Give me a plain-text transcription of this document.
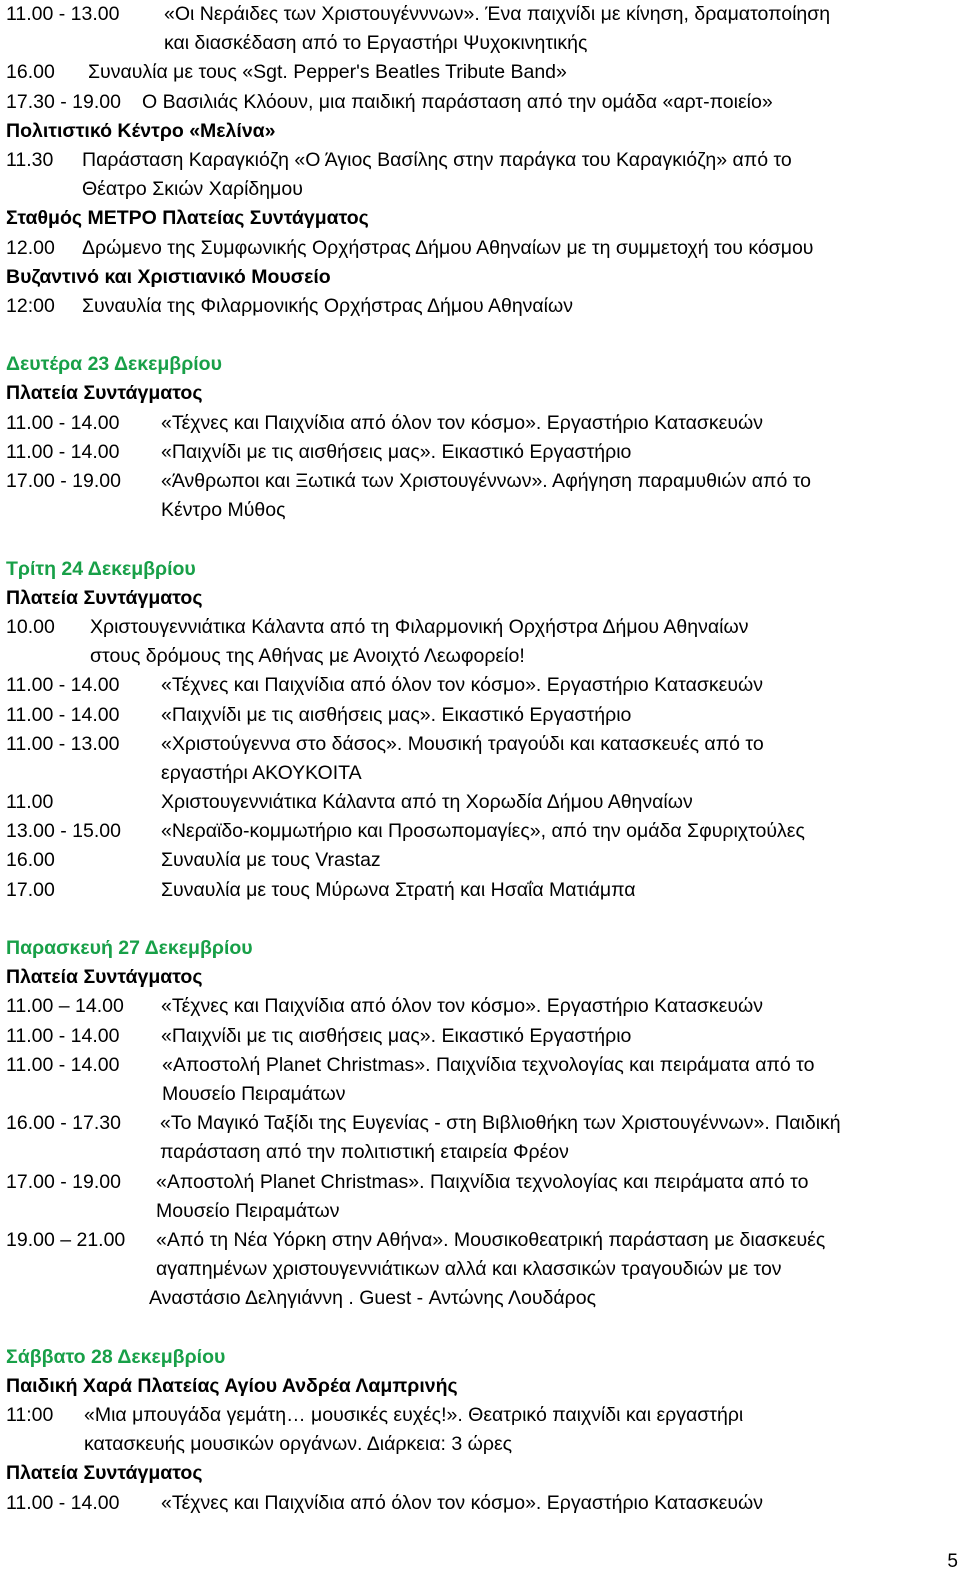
11.00 - 13.00 «Οι Νεράιδες των Χριστουγένννων». Ένα παιχνίδι με κίνηση, δραματοποίηση
και διασκέδαση από το Εργαστήρι Ψυχοκινητικής
16.00 Συναυλία με τους «Sgt. Pepper's Beatles Tribute Band»
17.30 - 19.00 Ο Βασιλιάς Κλόουν, μια παιδική παράσταση από την ομάδα «αρτ-ποιείο»
Πολιτιστικό Κέντρο «Μελίνα»
11.30 Παράσταση Καραγκιόζη «Ο Άγιος Βασίλης στην παράγκα του Καραγκιόζη» από το
Θέατρο Σκιών Χαρίδημου
Σταθμός ΜΕΤΡΟ Πλατείας Συντάγματος
12.00 Δρώμενο της Συμφωνικής Ορχήστρας Δήμου Αθηναίων με τη συμμετοχή του κόσμου
Βυζαντινό και Χριστιανικό Μουσείο
12:00 Συναυλία της Φιλαρμονικής Ορχήστρας Δήμου Αθηναίων
Δευτέρα 23 Δεκεμβρίου
Πλατεία Συντάγματος
11.00 - 14.00 «Τέχνες και Παιχνίδια από όλον τον κόσμο». Εργαστήριο Κατασκευών
11.00 - 14.00 «Παιχνίδι με τις αισθήσεις μας». Εικαστικό Εργαστήριο
17.00 - 19.00 «Άνθρωποι και Ξωτικά των Χριστουγέννων». Αφήγηση παραμυθιών από το
Κέντρο Μύθος
Τρίτη 24 Δεκεμβρίου
Πλατεία Συντάγματος
10.00 Χριστουγεννιάτικα Κάλαντα από τη Φιλαρμονική Ορχήστρα Δήμου Αθηναίων
στους δρόμους της Αθήνας με Ανοιχτό Λεωφορείο!
11.00 - 14.00 «Τέχνες και Παιχνίδια από όλον τον κόσμο». Εργαστήριο Κατασκευών
11.00 - 14.00 «Παιχνίδι με τις αισθήσεις μας». Εικαστικό Εργαστήριο
11.00 - 13.00 «Χριστούγεννα στο δάσος». Μουσική τραγούδι και κατασκευές από το
εργαστήρι ΑΚΟΥΚΟΙΤΑ
11.00	Χριστουγεννιάτικα Κάλαντα από τη Χορωδία Δήμου Αθηναίων
13.00 - 15.00 «Νεραϊδο-κομμωτήριο και Προσωπομαγίες», από την ομάδα Σφυριχτούλες
16.00	Συναυλία με τους Vrastaz
17.00	Συναυλία με τους Μύρωνα Στρατή και Ησαΐα Ματιάμπα
Παρασκευή 27 Δεκεμβρίου
Πλατεία Συντάγματος
11.00 – 14.00 «Τέχνες και Παιχνίδια από όλον τον κόσμο». Εργαστήριο Κατασκευών
11.00 - 14.00 «Παιχνίδι με τις αισθήσεις μας». Εικαστικό Εργαστήριο
11.00 - 14.00 «Αποστολή Planet Christmas». Παιχνίδια τεχνολογίας και πειράματα από το
Μουσείο Πειραμάτων
16.00 - 17.30 «Το Μαγικό Ταξίδι της Ευγενίας - στη Βιβλιοθήκη των Χριστουγέννων». Παιδική
παράσταση από την πολιτιστική εταιρεία Φρέον
17.00 - 19.00 «Αποστολή Planet Christmas». Παιχνίδια τεχνολογίας και πειράματα από το
Μουσείο Πειραμάτων
19.00 – 21.00 «Από τη Νέα Υόρκη στην Αθήνα». Μουσικοθεατρική παράσταση με διασκευές
αγαπημένων χριστουγεννιάτικων αλλά και κλασσικών τραγουδιών με τον
Αναστάσιο Δεληγιάννη . Guest - Αντώνης Λουδάρος
Σάββατο 28 Δεκεμβρίου
Παιδική Χαρά Πλατείας Αγίου Ανδρέα Λαμπρινής
11:00 «Μια μπουγάδα γεμάτη… μουσικές ευχές!». Θεατρικό παιχνίδι και εργαστήρι
κατασκευής μουσικών οργάνων. Διάρκεια: 3 ώρες
Πλατεία Συντάγματος
11.00 - 14.00 «Τέχνες και Παιχνίδια από όλον τον κόσμο». Εργαστήριο Κατασκευών
5
